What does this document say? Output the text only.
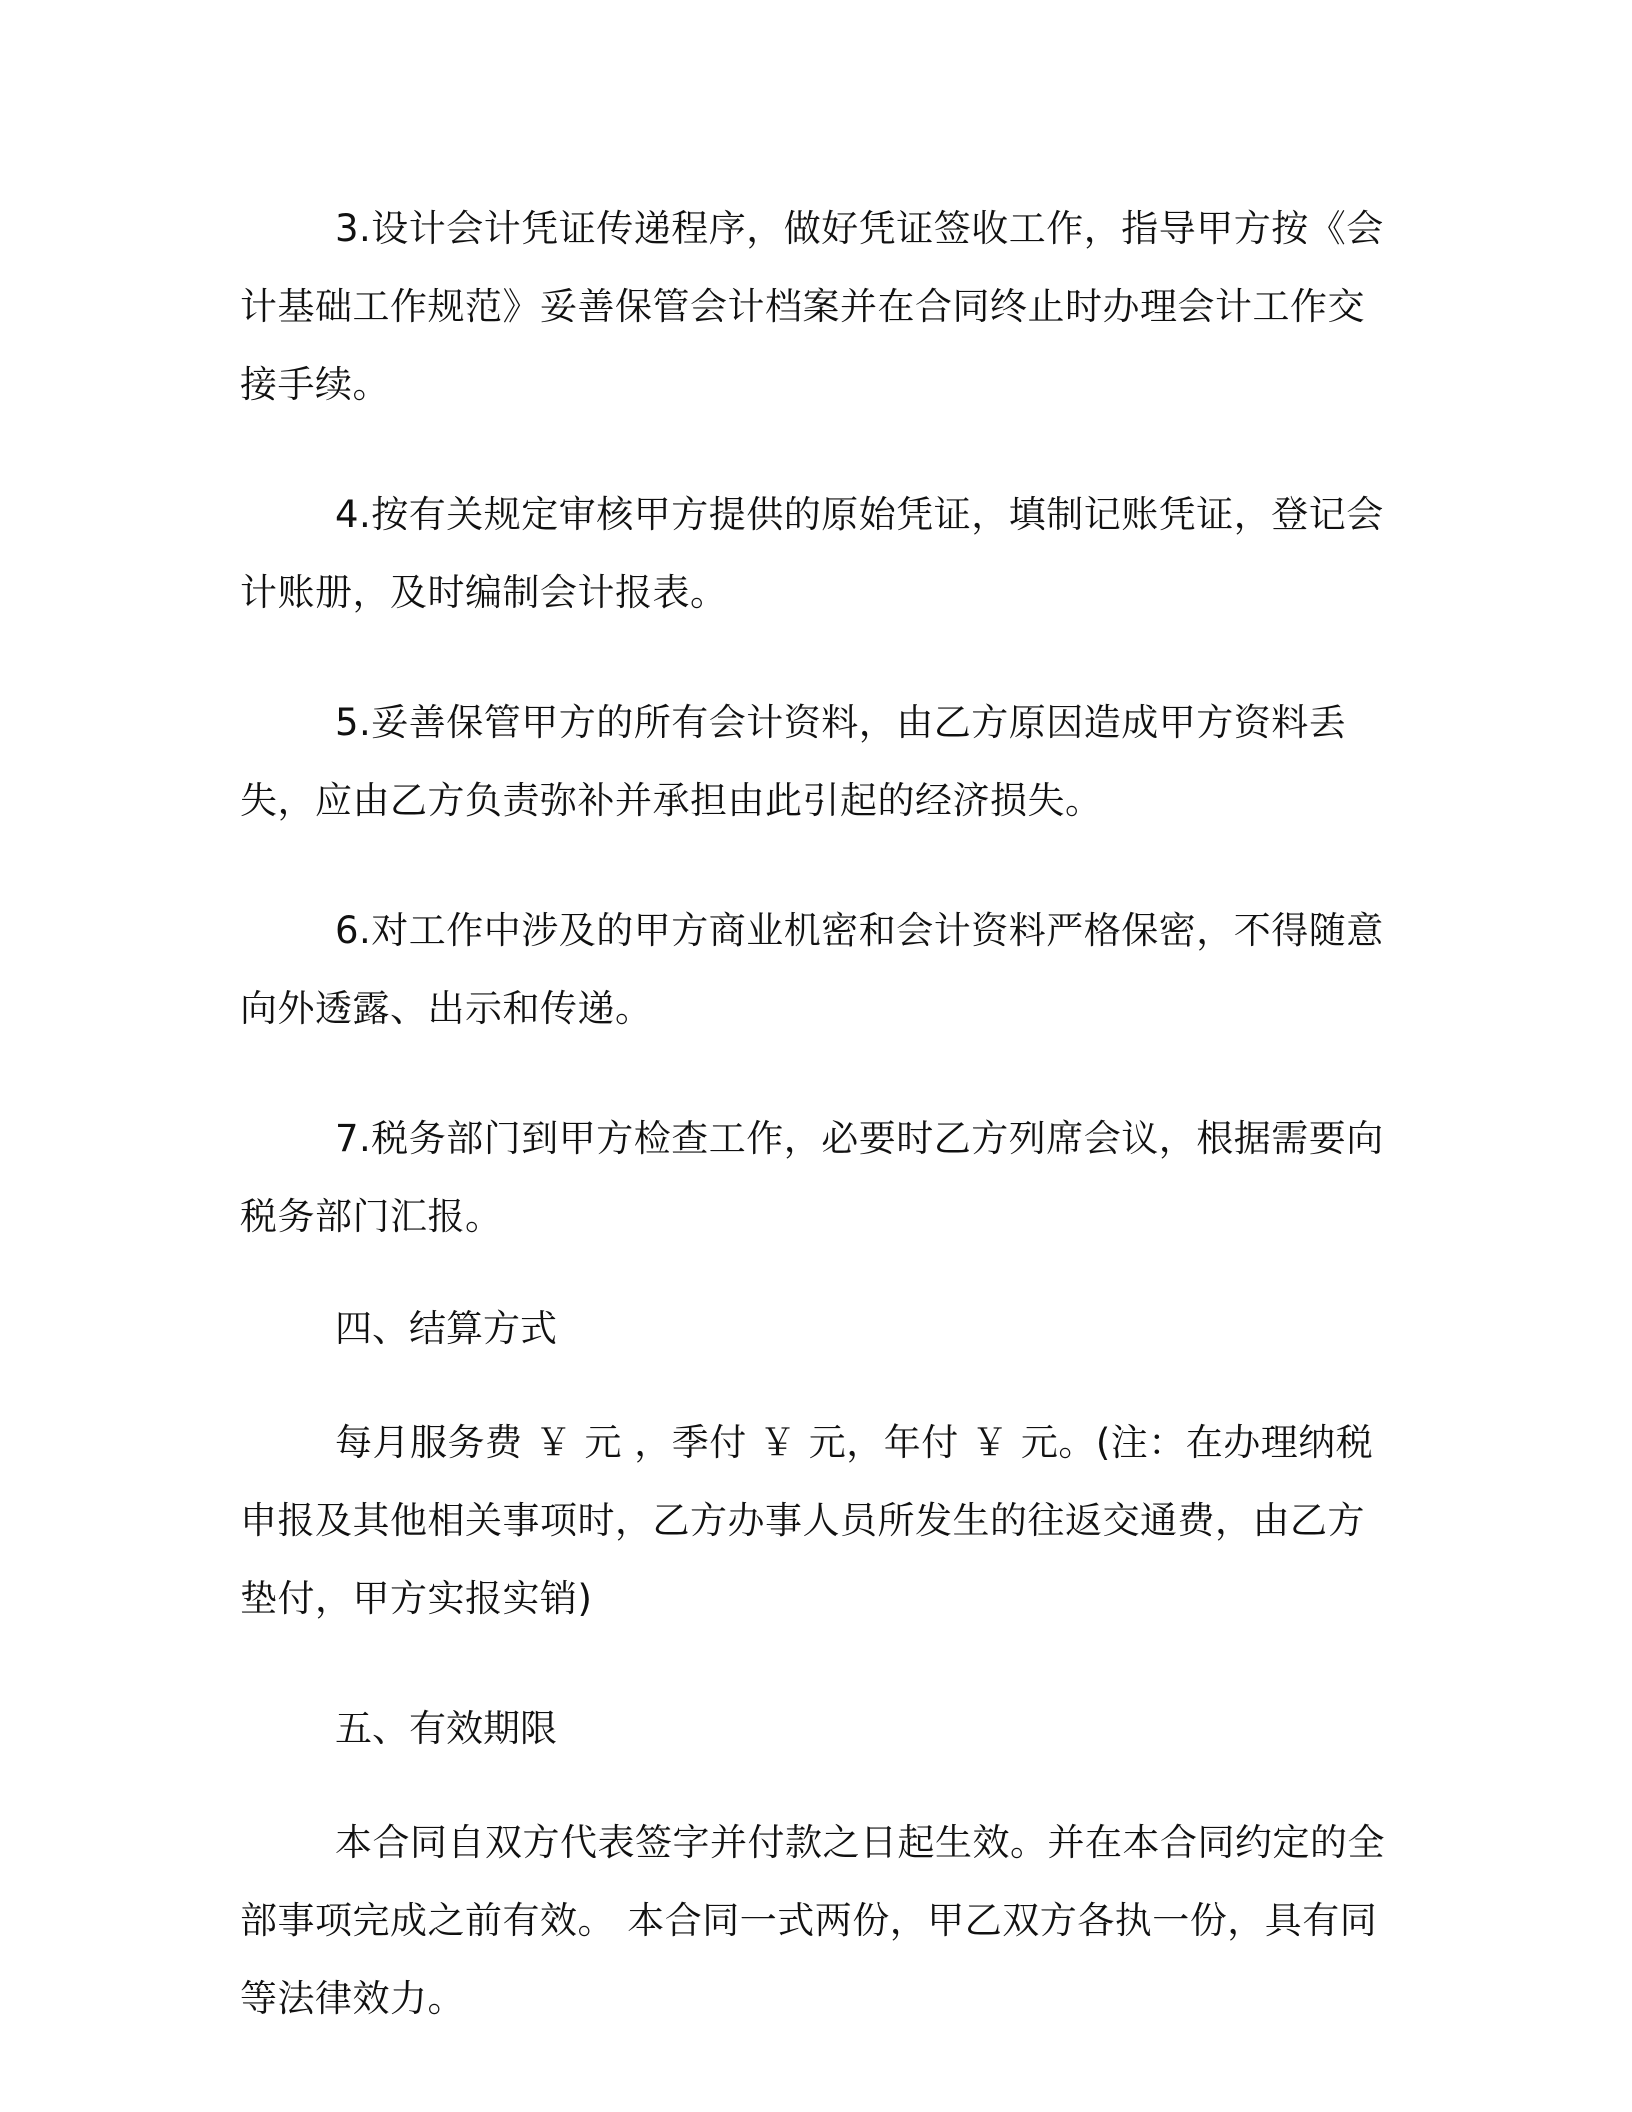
3.设计会计凭证传递程序，做好凭证签收工作，指导甲方按《会计基础工作规范》妥善保管会计档案并在合同终止时办理会计工作交接手续。

4.按有关规定审核甲方提供的原始凭证，填制记账凭证，登记会计账册，及时编制会计报表。

5.妥善保管甲方的所有会计资料，由乙方原因造成甲方资料丢失，应由乙方负责弥补并承担由此引起的经济损失。

6.对工作中涉及的甲方商业机密和会计资料严格保密，不得随意向外透露、出示和传递。

7.税务部门到甲方检查工作，必要时乙方列席会议，根据需要向税务部门汇报。

四、结算方式

每月服务费 ￥ 元 ，季付 ￥ 元，年付 ￥ 元。(注：在办理纳税申报及其他相关事项时，乙方办事人员所发生的往返交通费，由乙方垫付，甲方实报实销)

五、有效期限

本合同自双方代表签字并付款之日起生效。并在本合同约定的全部事项完成之前有效。 本合同一式两份，甲乙双方各执一份，具有同等法律效力。
